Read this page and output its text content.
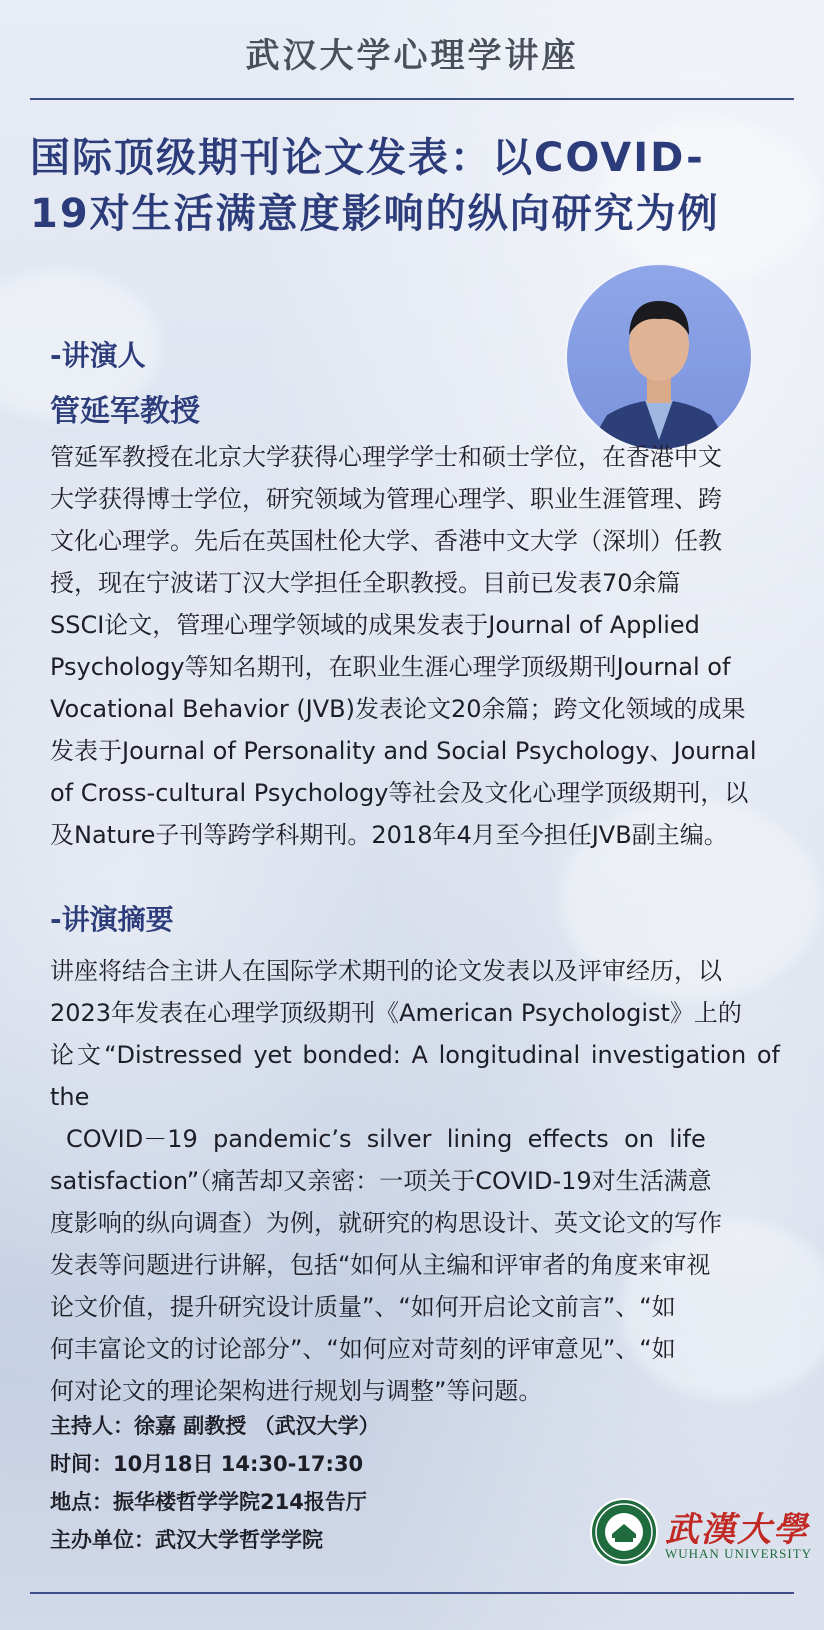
武汉大学心理学讲座
国际顶级期刊论文发表：以COVID-
19对生活满意度影响的纵向研究为例
-讲演人
管延军教授
管延军教授在北京大学获得心理学学士和硕士学位，在香港中文
大学获得博士学位，研究领域为管理心理学、职业生涯管理、跨
文化心理学。先后在英国杜伦大学、香港中文大学（深圳）任教
授，现在宁波诺丁汉大学担任全职教授。目前已发表70余篇
SSCI论文，管理心理学领域的成果发表于Journal of Applied
Psychology等知名期刊，在职业生涯心理学顶级期刊Journal of
Vocational Behavior (JVB)发表论文20余篇；跨文化领域的成果
发表于Journal of Personality and Social Psychology、Journal
of Cross-cultural Psychology等社会及文化心理学顶级期刊，以
及Nature子刊等跨学科期刊。2018年4月至今担任JVB副主编。
-讲演摘要
讲座将结合主讲人在国际学术期刊的论文发表以及评审经历，以
2023年发表在心理学顶级期刊《American Psychologist》上的
论文“Distressed yet bonded: A longitudinal investigation of the
COVID－19  pandemic’s  silver  lining  effects  on  life
satisfaction”（痛苦却又亲密：一项关于COVID-19对生活满意
度影响的纵向调查）为例，就研究的构思设计、英文论文的写作
发表等问题进行讲解，包括“如何从主编和评审者的角度来审视
论文价值，提升研究设计质量”、“如何开启论文前言”、“如
何丰富论文的讨论部分”、“如何应对苛刻的评审意见”、“如
何对论文的理论架构进行规划与调整”等问题。
主持人：徐嘉 副教授 （武汉大学）
时间：10月18日 14:30-17:30
地点：振华楼哲学学院214报告厅
主办单位：武汉大学哲学学院	武漢大學
WUHAN UNIVERSITY
